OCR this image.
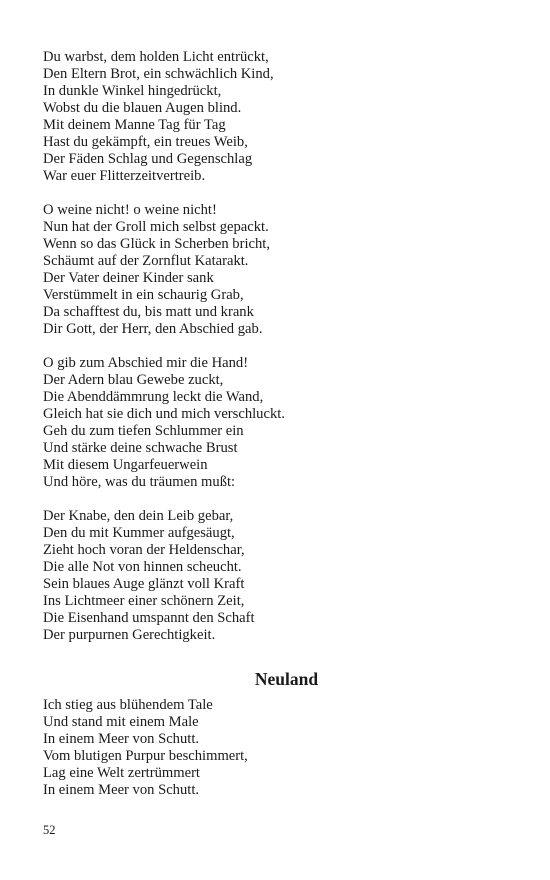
Du warbst, dem holden Licht entrückt,
Den Eltern Brot, ein schwächlich Kind,
In dunkle Winkel hingedrückt,
Wobst du die blauen Augen blind.
Mit deinem Manne Tag für Tag
Hast du gekämpft, ein treues Weib,
Der Fäden Schlag und Gegenschlag
War euer Flitterzeitvertreib.
O weine nicht! o weine nicht!
Nun hat der Groll mich selbst gepackt.
Wenn so das Glück in Scherben bricht,
Schäumt auf der Zornflut Katarakt.
Der Vater deiner Kinder sank
Verstümmelt in ein schaurig Grab,
Da schafftest du, bis matt und krank
Dir Gott, der Herr, den Abschied gab.
O gib zum Abschied mir die Hand!
Der Adern blau Gewebe zuckt,
Die Abenddämmrung leckt die Wand,
Gleich hat sie dich und mich verschluckt.
Geh du zum tiefen Schlummer ein
Und stärke deine schwache Brust
Mit diesem Ungarfeuerwein
Und höre, was du träumen mußt:
Der Knabe, den dein Leib gebar,
Den du mit Kummer aufgesäugt,
Zieht hoch voran der Heldenschar,
Die alle Not von hinnen scheucht.
Sein blaues Auge glänzt voll Kraft
Ins Lichtmeer einer schönern Zeit,
Die Eisenhand umspannt den Schaft
Der purpurnen Gerechtigkeit.
Neuland
Ich stieg aus blühendem Tale
Und stand mit einem Male
In einem Meer von Schutt.
Vom blutigen Purpur beschimmert,
Lag eine Welt zertrümmert
In einem Meer von Schutt.
52
